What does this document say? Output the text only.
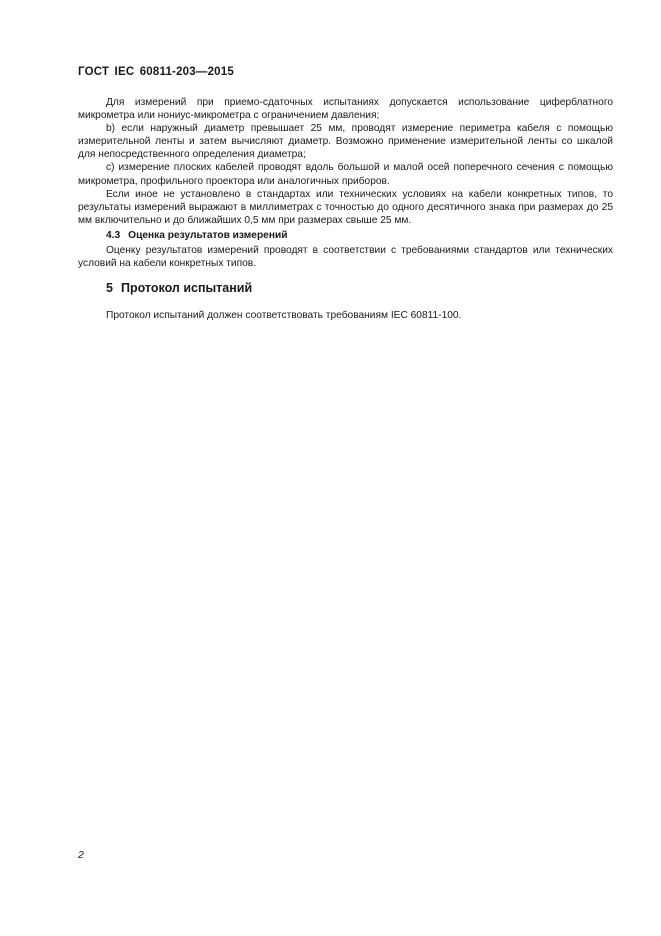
ГОСТ IEC 60811-203—2015

Для измерений при приемо-сдаточных испытаниях допускается использование циферблатного микрометра или нониус-микрометра с ограничением давления;

b) если наружный диаметр превышает 25 мм, проводят измерение периметра кабеля с помощью измерительной ленты и затем вычисляют диаметр. Возможно применение измерительной ленты со шкалой для непосредственного определения диаметра;

c) измерение плоских кабелей проводят вдоль большой и малой осей поперечного сечения с помощью микрометра, профильного проектора или аналогичных приборов.

Если иное не установлено в стандартах или технических условиях на кабели конкретных типов, то результаты измерений выражают в миллиметрах с точностью до одного десятичного знака при размерах до 25 мм включительно и до ближайших 0,5 мм при размерах свыше 25 мм.

4.3 Оценка результатов измерений

Оценку результатов измерений проводят в соответствии с требованиями стандартов или технических условий на кабели конкретных типов.

5 Протокол испытаний

Протокол испытаний должен соответствовать требованиям IEC 60811-100.

2
